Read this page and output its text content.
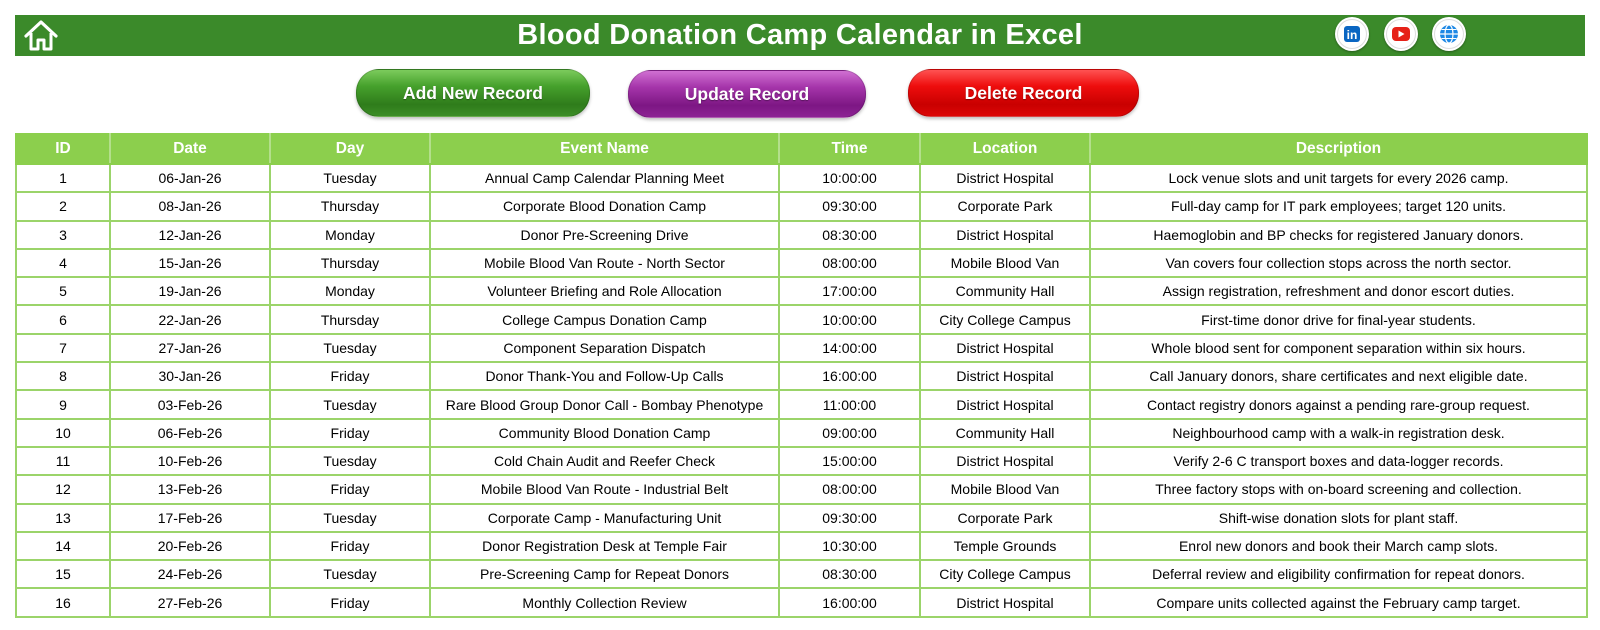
Blood Donation Camp Calendar in Excel	in
Add New Record	Update Record	Delete Record
ID	Date	Day	Event Name	Time	Location	Description
1	06-Jan-26	Tuesday	Annual Camp Calendar Planning Meet	10:00:00	District Hospital	Lock venue slots and unit targets for every 2026 camp.
2	08-Jan-26	Thursday	Corporate Blood Donation Camp	09:30:00	Corporate Park	Full-day camp for IT park employees; target 120 units.
3	12-Jan-26	Monday	Donor Pre-Screening Drive	08:30:00	District Hospital	Haemoglobin and BP checks for registered January donors.
4	15-Jan-26	Thursday	Mobile Blood Van Route - North Sector	08:00:00	Mobile Blood Van	Van covers four collection stops across the north sector.
5	19-Jan-26	Monday	Volunteer Briefing and Role Allocation	17:00:00	Community Hall	Assign registration, refreshment and donor escort duties.
6	22-Jan-26	Thursday	College Campus Donation Camp	10:00:00	City College Campus	First-time donor drive for final-year students.
7	27-Jan-26	Tuesday	Component Separation Dispatch	14:00:00	District Hospital	Whole blood sent for component separation within six hours.
8	30-Jan-26	Friday	Donor Thank-You and Follow-Up Calls	16:00:00	District Hospital	Call January donors, share certificates and next eligible date.
9	03-Feb-26	Tuesday	Rare Blood Group Donor Call - Bombay Phenotype	11:00:00	District Hospital	Contact registry donors against a pending rare-group request.
10	06-Feb-26	Friday	Community Blood Donation Camp	09:00:00	Community Hall	Neighbourhood camp with a walk-in registration desk.
11	10-Feb-26	Tuesday	Cold Chain Audit and Reefer Check	15:00:00	District Hospital	Verify 2-6 C transport boxes and data-logger records.
12	13-Feb-26	Friday	Mobile Blood Van Route - Industrial Belt	08:00:00	Mobile Blood Van	Three factory stops with on-board screening and collection.
13	17-Feb-26	Tuesday	Corporate Camp - Manufacturing Unit	09:30:00	Corporate Park	Shift-wise donation slots for plant staff.
14	20-Feb-26	Friday	Donor Registration Desk at Temple Fair	10:30:00	Temple Grounds	Enrol new donors and book their March camp slots.
15	24-Feb-26	Tuesday	Pre-Screening Camp for Repeat Donors	08:30:00	City College Campus	Deferral review and eligibility confirmation for repeat donors.
16	27-Feb-26	Friday	Monthly Collection Review	16:00:00	District Hospital	Compare units collected against the February camp target.
